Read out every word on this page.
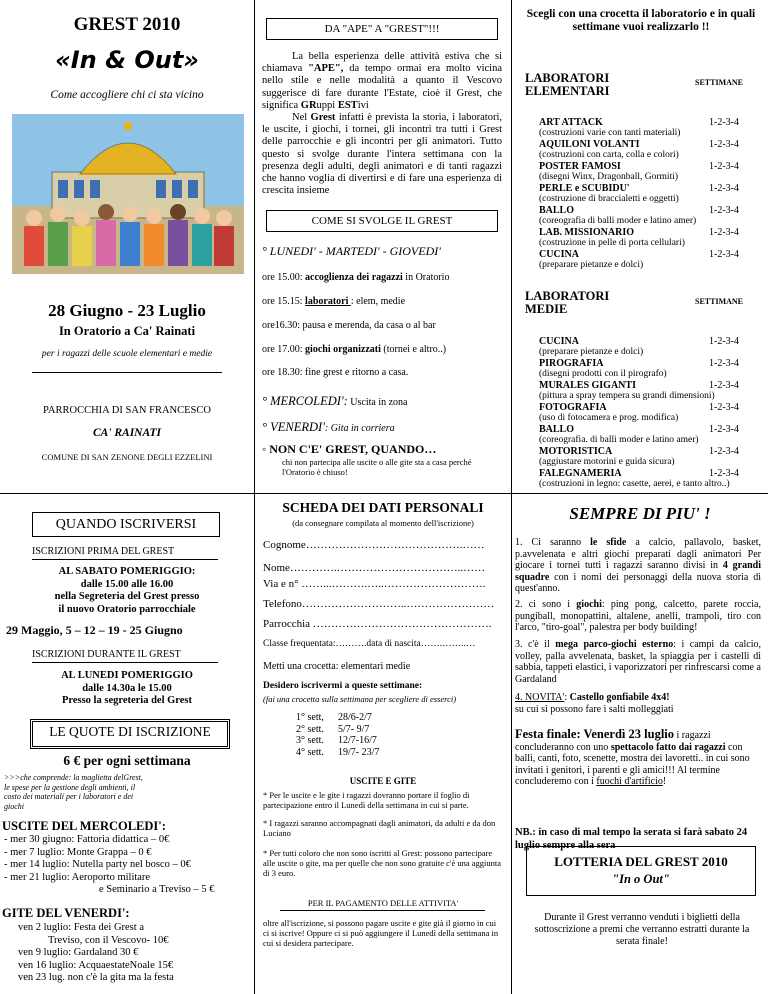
GREST 2010
«In & Out»
Come accogliere chi ci sta vicino
28 Giugno - 23 Luglio
In Oratorio a Ca' Rainati
per i ragazzi delle scuole elementari e medie
PARROCCHIA DI SAN FRANCESCO
CA' RAINATI
COMUNE DI SAN ZENONE DEGLI EZZELINI
DA "APE" A "GREST"!!!
La bella esperienza delle attività estiva che si chiamava "APE", da tempo ormai era molto vicina nello stile e nelle modalità a quanto il Vescovo suggerisce di fare durante l'Estate, cioè il Grest, che significa GRuppi ESTivi
Nel Grest infatti è prevista la storia, i laboratori, le uscite, i giochi, i tornei, gli incontri tra tutti i Grest delle parrocchie e gli incontri per gli animatori. Tutto questo si svolge durante l'intera settimana con la presenza degli adulti, degli animatori e di tanti ragazzi che hanno voglia di divertirsi e di fare una esperienza di crescita insieme
COME SI SVOLGE IL GREST
° LUNEDI' - MARTEDI' - GIOVEDI'
ore 15.00: accoglienza dei ragazzi in Oratorio
ore 15.15: laboratori : elem, medie
ore16.30: pausa e merenda, da casa o al bar
ore 17.00: giochi organizzati (tornei e altro..)
ore 18.30: fine grest e ritorno a casa.
° MERCOLEDI': Uscita in zona
° VENERDI': Gita in corriera
◦ NON C'E' GREST, QUANDO…
chi non partecipa alle uscite o alle gite sta a casa perché l'Oratorio è chiuso!
Scegli con una crocetta il laboratorio e in quali settimane vuoi realizzarlo !!
LABORATORI ELEMENTARI
SETTIMANE
ART ATTACK	1-2-3-4
(costruzioni varie con tanti materiali)
AQUILONI VOLANTI	1-2-3-4
(costruzioni con carta, colla e colori)
POSTER FAMOSI	1-2-3-4
(disegni Winx, Dragonball, Gormiti)
PERLE e SCUBIDU'	1-2-3-4
(costruzione di braccialetti e oggetti)
BALLO	1-2-3-4
(coreografia di balli moder e latino amer)
LAB. MISSIONARIO	1-2-3-4
(costruzione in pelle di porta cellulari)
CUCINA	1-2-3-4
(preparare pietanze e dolci)
LABORATORI MEDIE
SETTIMANE
CUCINA	1-2-3-4
(preparare pietanze e dolci)
PIROGRAFIA	1-2-3-4
(disegni prodotti con il pirografo)
MURALES GIGANTI	1-2-3-4
(pittura a spray tempera su grandi dimensioni)
FOTOGRAFIA	1-2-3-4
(uso di fotocamera e prog. modifica)
BALLO	1-2-3-4
(coreografia. di balli moder e latino amer)
MOTORISTICA	1-2-3-4
(aggiustare motorini e guida sicura)
FALEGNAMERIA	1-2-3-4
(costruzioni in legno: casette, aerei, e tanto altro..)
QUANDO ISCRIVERSI
ISCRIZIONI PRIMA DEL GREST
AL SABATO POMERIGGIO:
dalle 15.00 alle 16.00
nella Segreteria del Grest presso
il nuovo Oratorio parrocchiale
29 Maggio, 5 – 12 – 19 - 25 Giugno
ISCRIZIONI DURANTE IL GREST
AL LUNEDI POMERIGGIO
dalle 14.30a le 15.00
Presso la segreteria del Grest
LE QUOTE DI ISCRIZIONE
6 € per ogni settimana
>>>che comprende: la maglietta delGrest, le spese per la gestione degli ambienti, il costo dei materiali per i laboratori e dei giochi
USCITE DEL MERCOLEDI':
- mer 30 giugno: Fattoria didattica – 0€
- mer 7 luglio: Monte Grappa – 0 €
- mer 14 luglio: Nutella party nel bosco – 0€
- mer 21 luglio: Aeroporto militare
e Seminario a Treviso – 5 €
GITE DEL VENERDI':
ven 2 luglio: Festa dei Grest a
Treviso, con il Vescovo- 10€
ven 9 luglio: Gardaland 30 €
ven 16 luglio: AcquaestateNoale 15€
ven 23 lug. non c'è la gita ma la festa
SCHEDA DEI DATI PERSONALI
(da consegnare compilata al momento dell'iscrizione)
Cognome…………………………………….……
Nome………….……………………………..……
Via e n° ……...……….…..……………………….
Telefono………………………..……………………
Parrocchia ………………………………………….
Classe frequentata:……….data di nascita…….……..…
Metti una crocetta: elementari medie
Desidero iscrivermi a queste settimane:
(fai una crocetta sulla settimana per scegliere di esserci)
1° sett, 28/6-2/7
2° sett. 5/7- 9/7
3° sett. 12/7-16/7
4° sett. 19/7- 23/7
USCITE E GITE
* Per le uscite e le gite i ragazzi dovranno portare il foglio di partecipazione entro il Lunedì della settimana in cui si parte.
* I ragazzi saranno accompagnati dagli animatori, da adulti e da don Luciano
* Per tutti coloro che non sono iscritti al Grest: possono partecipare alle uscite o gite, ma per quelle che non sono gratuite c'è una aggiunta di 3 euro.
PER IL PAGAMENTO DELLE ATTIVITA'
oltre all'iscrizione, si possono pagare uscite e gite già il giorno in cui ci si iscrive! Oppure ci si può aggiungere il Lunedì della settimana in cui si desidera partecipare.
SEMPRE DI PIU' !
1. Ci saranno le sfide a calcio, pallavolo, basket, p.avvelenata e altri giochi preparati dagli animatori Per giocare i tornei tutti i ragazzi saranno divisi in 4 grandi squadre con i nomi dei personaggi della nuova storia di quest'anno.
2. ci sono i giochi: ping pong, calcetto, parete roccia, pungiball, monopattini, altalene, anelli, trampoli, tiro con l'arco, "tiro-goal", palestra per body building!
3. c'è il mega parco-giochi esterno: i campi da calcio, volley, palla avvelenata, basket, la spiaggia per i castelli di sabbia, tappeti elastici, i vaporizzatori per rinfrescarsi come a Gardaland
4. NOVITA': Castello gonfiabile 4x4!
su cui si possono fare i salti molleggiati
Festa finale: Venerdì 23 luglio i ragazzi
concluderanno con uno spettacolo fatto dai ragazzi con balli, canti, foto, scenette, mostra dei lavoretti.. in cui sono invitati i genitori, i parenti e gli amici!!! Al termine concluderemo con i fuochi d'artificio!
NB.: in caso di mal tempo la serata si farà sabato 24 luglio sempre alla sera
LOTTERIA DEL GREST 2010
"In o Out"
Durante il Grest verranno venduti i biglietti della sottoscrizione a premi che verranno estratti durante la serata finale!
